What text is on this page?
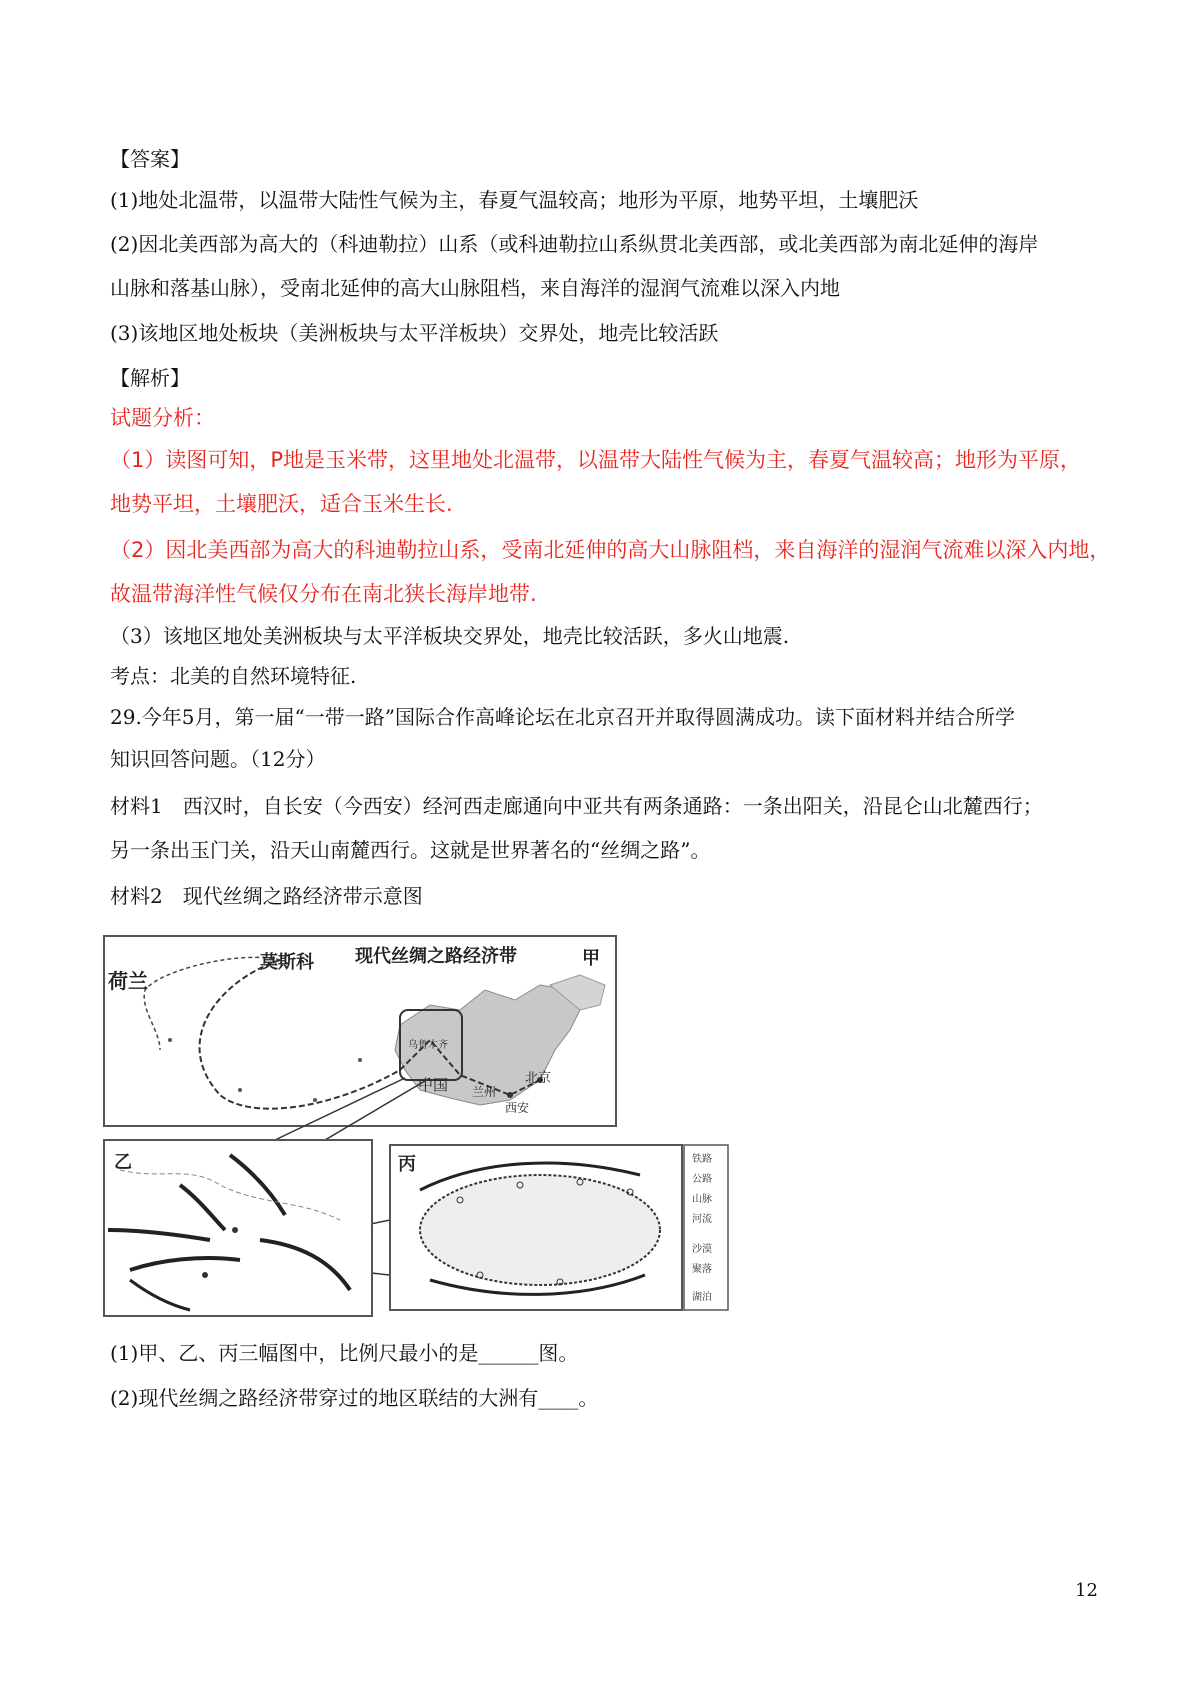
【答案】
(1)地处北温带，以温带大陆性气候为主，春夏气温较高；地形为平原，地势平坦，土壤肥沃
(2)因北美西部为高大的（科迪勒拉）山系（或科迪勒拉山系纵贯北美西部，或北美西部为南北延伸的海岸
山脉和落基山脉），受南北延伸的高大山脉阻档，来自海洋的湿润气流难以深入内地
(3)该地区地处板块（美洲板块与太平洋板块）交界处，地壳比较活跃
【解析】
试题分析：
（1）读图可知，P地是玉米带，这里地处北温带，以温带大陆性气候为主，春夏气温较高；地形为平原，
地势平坦，土壤肥沃，适合玉米生长.
（2）因北美西部为高大的科迪勒拉山系，受南北延伸的高大山脉阻档，来自海洋的湿润气流难以深入内地，
故温带海洋性气候仅分布在南北狭长海岸地带.
（3）该地区地处美洲板块与太平洋板块交界处，地壳比较活跃，多火山地震.
考点：北美的自然环境特征.
29.今年5月，第一届“一带一路”国际合作高峰论坛在北京召开并取得圆满成功。读下面材料并结合所学
知识回答问题。（12分）
材料1　西汉时，自长安（今西安）经河西走廊通向中亚共有两条通路：一条出阳关，沿昆仑山北麓西行；
另一条出玉门关，沿天山南麓西行。这就是世界著名的“丝绸之路”。
材料2　现代丝绸之路经济带示意图
现代丝绸之路经济带	甲
荷兰
莫斯科
中国	北京
兰州
西安
乌鲁木齐
乙	丙	铁路
公路
山脉
河流
沙漠
聚落
湖泊
(1)甲、乙、丙三幅图中，比例尺最小的是______图。
(2)现代丝绸之路经济带穿过的地区联结的大洲有____。
12
